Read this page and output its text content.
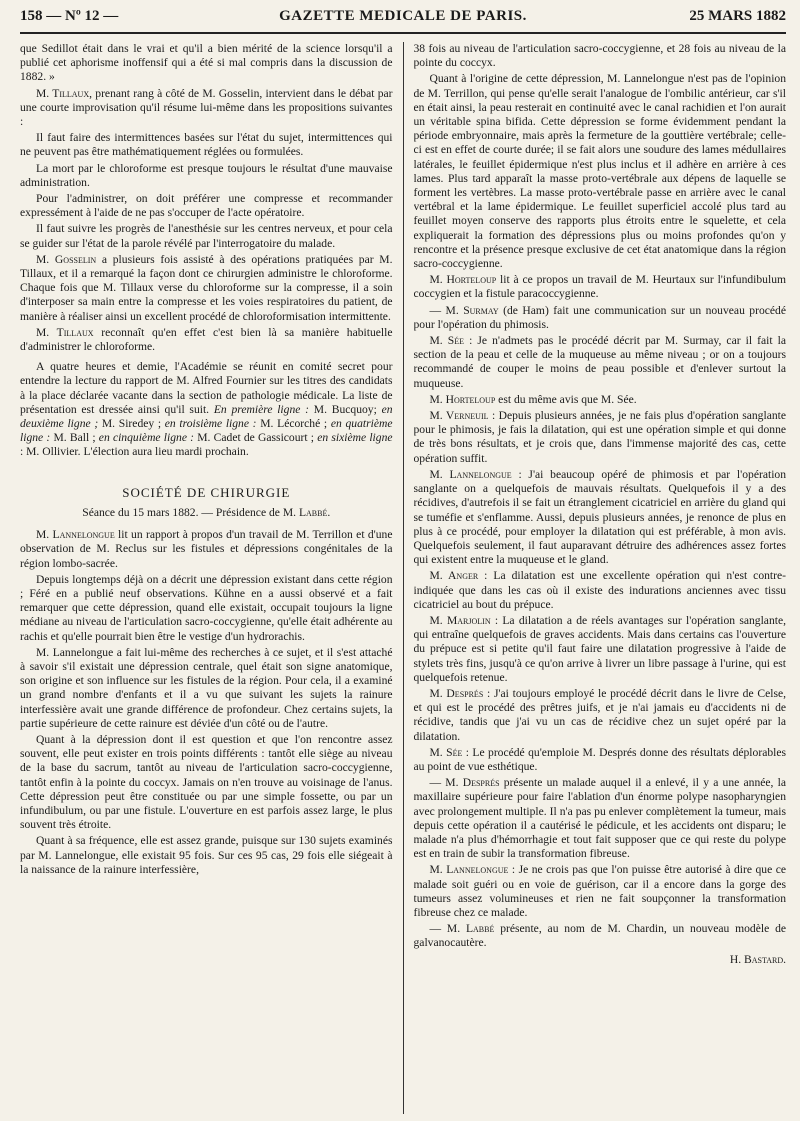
158 — Nº 12 —	GAZETTE MEDICALE DE PARIS.	25 MARS 1882

que Sedillot était dans le vrai et qu'il a bien mérité de la science lorsqu'il a publié cet aphorisme inoffensif qui a été si mal compris dans la discussion de 1882. »

M. Tillaux, prenant rang à côté de M. Gosselin, intervient dans le débat par une courte improvisation qu'il résume lui-même dans les propositions suivantes :

Il faut faire des intermittences basées sur l'état du sujet, intermittences qui ne peuvent pas être mathématiquement réglées ou formulées.

La mort par le chloroforme est presque toujours le résultat d'une mauvaise administration.

Pour l'administrer, on doit préférer une compresse et recommander expressément à l'aide de ne pas s'occuper de l'acte opératoire.

Il faut suivre les progrès de l'anesthésie sur les centres nerveux, et pour cela se guider sur l'état de la parole révélé par l'interrogatoire du malade.

M. Gosselin a plusieurs fois assisté à des opérations pratiquées par M. Tillaux, et il a remarqué la façon dont ce chirurgien administre le chloroforme. Chaque fois que M. Tillaux verse du chloroforme sur la compresse, il a soin d'interposer sa main entre la compresse et les voies respiratoires du patient, de manière à réaliser ainsi un excellent procédé de chloroformisation intermittente.

M. Tillaux reconnaît qu'en effet c'est bien là sa manière habituelle d'administrer le chloroforme.

A quatre heures et demie, l'Académie se réunit en comité secret pour entendre la lecture du rapport de M. Alfred Fournier sur les titres des candidats à la place déclarée vacante dans la section de pathologie médicale. La liste de présentation est dressée ainsi qu'il suit. En première ligne : M. Bucquoy; en deuxième ligne ; M. Siredey ; en troisième ligne : M. Lécorché ; en quatrième ligne : M. Ball ; en cinquième ligne : M. Cadet de Gassicourt ; en sixième ligne : M. Ollivier. L'élection aura lieu mardi prochain.

SOCIÉTÉ DE CHIRURGIE
Séance du 15 mars 1882. — Présidence de M. Labbé.

M. Lannelongue lit un rapport à propos d'un travail de M. Terrillon et d'une observation de M. Reclus sur les fistules et dépressions congénitales de la région lombo-sacrée.

Depuis longtemps déjà on a décrit une dépression existant dans cette région ; Féré en a publié neuf observations. Kühne en a aussi observé et a fait remarquer que cette dépression, quand elle existait, occupait toujours la ligne médiane au niveau de l'articulation sacro-coccygienne, qu'elle était adhérente au rachis et qu'elle pourrait bien être le vestige d'un hydrorachis.

M. Lannelongue a fait lui-même des recherches à ce sujet, et il s'est attaché à savoir s'il existait une dépression centrale, quel était son signe anatomique, son origine et son influence sur les fistules de la région. Pour cela, il a examiné un grand nombre d'enfants et il a vu que suivant les sujets la rainure interfessière avait une grande différence de profondeur. Chez certains sujets, la partie supérieure de cette rainure est déviée d'un côté ou de l'autre.

Quant à la dépression dont il est question et que l'on rencontre assez souvent, elle peut exister en trois points différents : tantôt elle siège au niveau de la base du sacrum, tantôt au niveau de l'articulation sacro-coccygienne, tantôt enfin à la pointe du coccyx. Jamais on n'en trouve au voisinage de l'anus. Cette dépression peut être constituée ou par une simple fossette, ou par un infundibulum, ou par une fistule. L'ouverture en est parfois assez large, le plus souvent très étroite.

Quant à sa fréquence, elle est assez grande, puisque sur 130 sujets examinés par M. Lannelongue, elle existait 95 fois. Sur ces 95 cas, 29 fois elle siégeait à la naissance de la rainure interfessière,

38 fois au niveau de l'articulation sacro-coccygienne, et 28 fois au niveau de la pointe du coccyx.

Quant à l'origine de cette dépression, M. Lannelongue n'est pas de l'opinion de M. Terrillon, qui pense qu'elle serait l'analogue de l'ombilic antérieur, car s'il en était ainsi, la peau resterait en continuité avec le canal rachidien et l'on aurait un véritable spina bifida. Cette dépression se forme évidemment pendant la période embryonnaire, mais après la fermeture de la gouttière vertébrale; celle-ci est en effet de courte durée; il se fait alors une soudure des lames médullaires latérales, le feuillet épidermique n'est plus inclus et il adhère en arrière à ces lames. Plus tard apparaît la masse proto-vertébrale aux dépens de laquelle se forment les vertèbres. La masse proto-vertébrale passe en arrière avec le canal vertébral et la lame épidermique. Le feuillet superficiel accolé plus tard au feuillet moyen conserve des rapports plus étroits entre le squelette, et cela expliquerait la formation des dépressions plus ou moins profondes qu'on y rencontre et la présence presque exclusive de cet état anatomique dans la région sacro-coccygienne.

M. Horteloup lit à ce propos un travail de M. Heurtaux sur l'infundibulum coccygien et la fistule paracoccygienne.

— M. Surmay (de Ham) fait une communication sur un nouveau procédé pour l'opération du phimosis.

M. Sée : Je n'admets pas le procédé décrit par M. Surmay, car il fait la section de la peau et celle de la muqueuse au même niveau ; or on a toujours recommandé de couper le moins de peau possible et d'enlever surtout la muqueuse.

M. Horteloup est du même avis que M. Sée.

M. Verneuil : Depuis plusieurs années, je ne fais plus d'opération sanglante pour le phimosis, je fais la dilatation, qui est une opération simple et qui donne de très bons résultats, et je crois que, dans l'immense majorité des cas, cette opération suffit.

M. Lannelongue : J'ai beaucoup opéré de phimosis et par l'opération sanglante on a quelquefois de mauvais résultats. Quelquefois il y a des récidives, d'autrefois il se fait un étranglement cicatriciel en arrière du gland qui se tuméfie et s'enflamme. Aussi, depuis plusieurs années, je renonce de plus en plus à ce procédé, pour employer la dilatation qui est préférable, à mon avis. Quelquefois seulement, il faut auparavant détruire des adhérences assez fortes qui existent entre la muqueuse et le gland.

M. Anger : La dilatation est une excellente opération qui n'est contre-indiquée que dans les cas où il existe des indurations anciennes avec tissu cicatriciel au bout du prépuce.

M. Marjolin : La dilatation a de réels avantages sur l'opération sanglante, qui entraîne quelquefois de graves accidents. Mais dans certains cas l'ouverture du prépuce est si petite qu'il faut faire une dilatation progressive à l'aide de stylets très fins, jusqu'à ce qu'on arrive à livrer un libre passage à l'urine, qui est quelquefois retenue.

M. Després : J'ai toujours employé le procédé décrit dans le livre de Celse, et qui est le procédé des prêtres juifs, et je n'ai jamais eu d'accidents ni de récidive, tandis que j'ai vu un cas de récidive chez un sujet opéré par la dilatation.

M. Sée : Le procédé qu'emploie M. Després donne des résultats déplorables au point de vue esthétique.

— M. Després présente un malade auquel il a enlevé, il y a une année, la maxillaire supérieure pour faire l'ablation d'un énorme polype nasopharyngien avec prolongement multiple. Il n'a pas pu enlever complètement la tumeur, mais depuis cette opération il a cautérisé le pédicule, et les accidents ont disparu; le malade n'a plus d'hémorrhagie et tout fait supposer que ce qui reste du polype est en train de subir la transformation fibreuse.

M. Lannelongue : Je ne crois pas que l'on puisse être autorisé à dire que ce malade soit guéri ou en voie de guérison, car il a encore dans la gorge des tumeurs assez volumineuses et rien ne fait soupçonner la transformation fibreuse chez ce malade.

— M. Labbé présente, au nom de M. Chardin, un nouveau modèle de galvanocautère.

H. Bastard.
